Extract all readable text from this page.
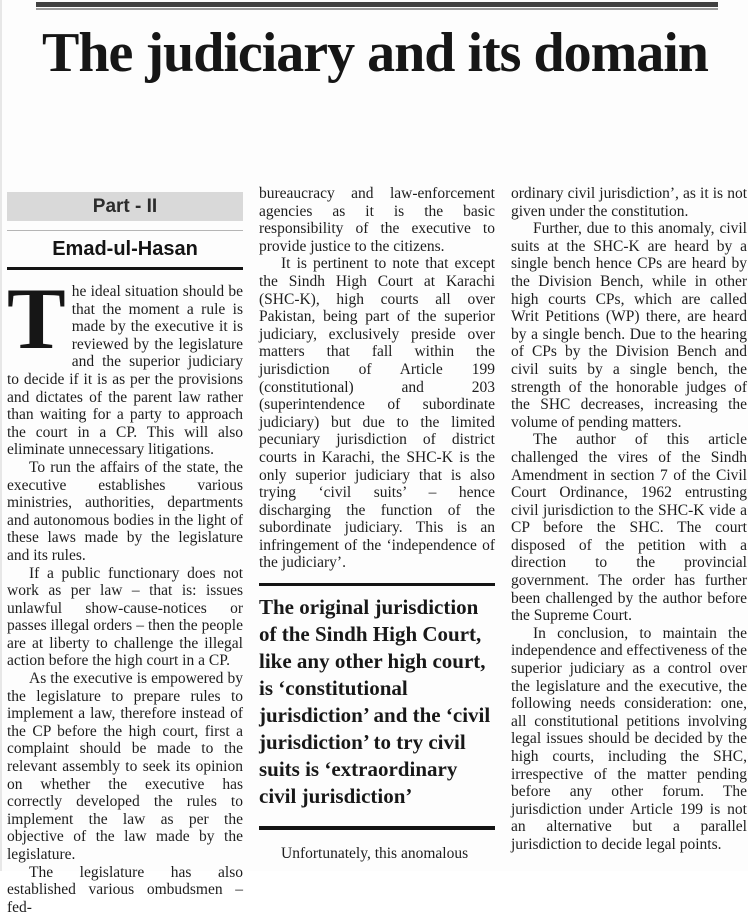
The judiciary and its domain
Part - II
Emad-ul-Hasan

The ideal situation should be that the moment a rule is made by the executive it is reviewed by the legislature and the superior judiciary to decide if it is as per the provisions and dictates of the parent law rather than waiting for a party to approach the court in a CP. This will also eliminate unnecessary litigations.

To run the affairs of the state, the executive establishes various ministries, authorities, departments and autonomous bodies in the light of these laws made by the legislature and its rules.

If a public functionary does not work as per law – that is: issues unlawful show-cause-notices or passes illegal orders – then the people are at liberty to challenge the illegal action before the high court in a CP.

As the executive is empowered by the legislature to prepare rules to implement a law, therefore instead of the CP before the high court, first a complaint should be made to the relevant assembly to seek its opinion on whether the executive has correctly developed the rules to implement the law as per the objective of the law made by the legislature.

The legislature has also established various ombudsmen – fed-

bureaucracy and law-enforcement agencies as it is the basic responsibility of the executive to provide justice to the citizens.

It is pertinent to note that except the Sindh High Court at Karachi (SHC-K), high courts all over Pakistan, being part of the superior judiciary, exclusively preside over matters that fall within the jurisdiction of Article 199 (constitutional) and 203 (superintendence of subordinate judiciary) but due to the limited pecuniary jurisdiction of district courts in Karachi, the SHC-K is the only superior judiciary that is also trying ‘civil suits’ – hence discharging the function of the subordinate judiciary. This is an infringement of the ‘independence of the judiciary’.

The original jurisdiction of the Sindh High Court, like any other high court, is ‘constitutional jurisdiction’ and the ‘civil jurisdiction’ to try civil suits is ‘extraordinary civil jurisdiction’

Unfortunately, this anomalous

ordinary civil jurisdiction’, as it is not given under the constitution.

Further, due to this anomaly, civil suits at the SHC-K are heard by a single bench hence CPs are heard by the Division Bench, while in other high courts CPs, which are called Writ Petitions (WP) there, are heard by a single bench. Due to the hearing of CPs by the Division Bench and civil suits by a single bench, the strength of the honorable judges of the SHC decreases, increasing the volume of pending matters.

The author of this article challenged the vires of the Sindh Amendment in section 7 of the Civil Court Ordinance, 1962 entrusting civil jurisdiction to the SHC-K vide a CP before the SHC. The court disposed of the petition with a direction to the provincial government. The order has further been challenged by the author before the Supreme Court.

In conclusion, to maintain the independence and effectiveness of the superior judiciary as a control over the legislature and the executive, the following needs consideration: one, all constitutional petitions involving legal issues should be decided by the high courts, including the SHC, irrespective of the matter pending before any other forum. The jurisdiction under Article 199 is not an alternative but a parallel jurisdiction to decide legal points.
